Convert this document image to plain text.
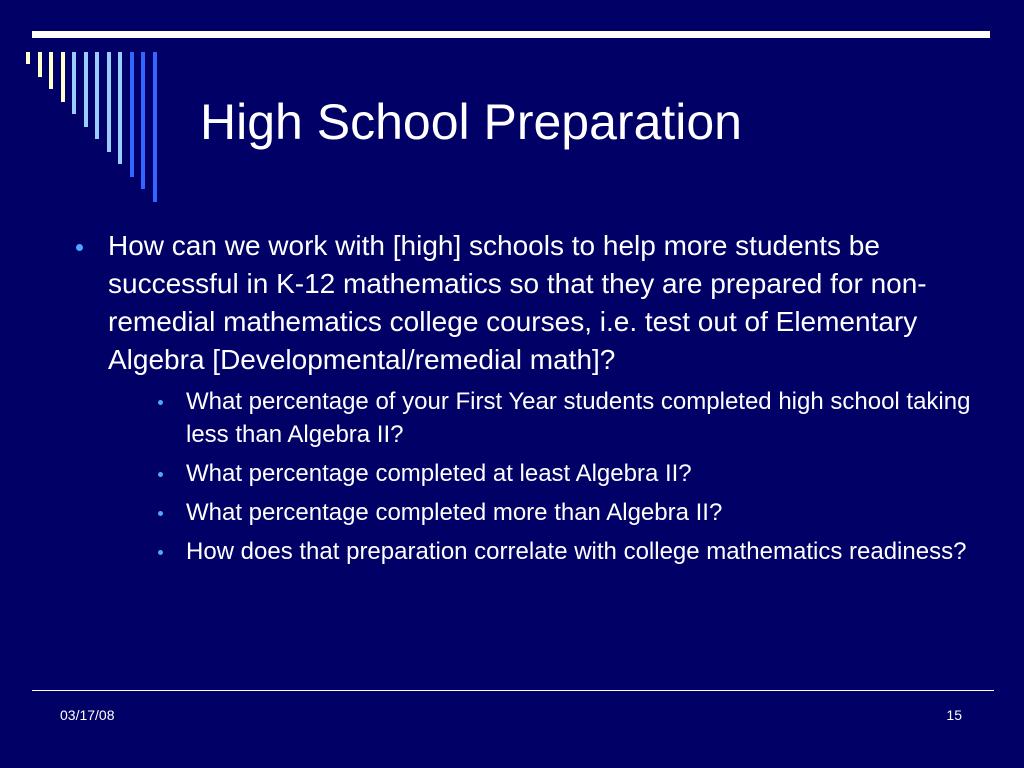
High School Preparation
How can we work with [high] schools to help more students be successful in K-12 mathematics so that they are prepared for non-remedial mathematics college courses, i.e. test out of Elementary Algebra [Developmental/remedial math]?
What percentage of your First Year students completed high school taking less than Algebra II?
What percentage completed at least Algebra II?
What percentage completed more than Algebra II?
How does that preparation correlate with college mathematics readiness?
03/17/08	15
